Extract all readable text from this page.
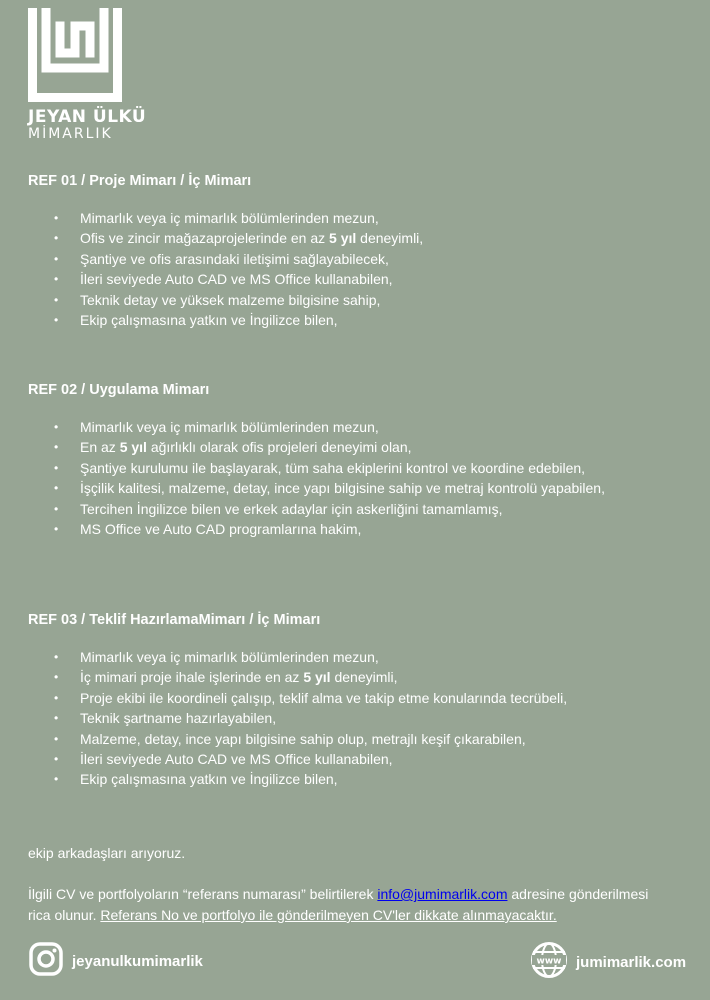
JEYAN ÜLKÜ
MİMARLIK
REF 01 / Proje Mimarı / İç Mimarı
• Mimarlık veya iç mimarlık bölümlerinden mezun,
• Ofis ve zincir mağazaprojelerinde en az 5 yıl deneyimli,
• Şantiye ve ofis arasındaki iletişimi sağlayabilecek,
• İleri seviyede Auto CAD ve MS Office kullanabilen,
• Teknik detay ve yüksek malzeme bilgisine sahip,
• Ekip çalışmasına yatkın ve İngilizce bilen,
REF 02 / Uygulama Mimarı
• Mimarlık veya iç mimarlık bölümlerinden mezun,
• En az 5 yıl ağırlıklı olarak ofis projeleri deneyimi olan,
• Şantiye kurulumu ile başlayarak, tüm saha ekiplerini kontrol ve koordine edebilen,
• İşçilik kalitesi, malzeme, detay, ince yapı bilgisine sahip ve metraj kontrolü yapabilen,
• Tercihen İngilizce bilen ve erkek adaylar için askerliğini tamamlamış,
• MS Office ve Auto CAD programlarına hakim,
REF 03 / Teklif HazırlamaMimarı / İç Mimarı
• Mimarlık veya iç mimarlık bölümlerinden mezun,
• İç mimari proje ihale işlerinde en az 5 yıl deneyimli,
• Proje ekibi ile koordineli çalışıp, teklif alma ve takip etme konularında tecrübeli,
• Teknik şartname hazırlayabilen,
• Malzeme, detay, ince yapı bilgisine sahip olup, metrajlı keşif çıkarabilen,
• İleri seviyede Auto CAD ve MS Office kullanabilen,
• Ekip çalışmasına yatkın ve İngilizce bilen,
ekip arkadaşları arıyoruz.
İlgili CV ve portfolyoların “referans numarası” belirtilerek info@jumimarlik.com adresine gönderilmesi
rica olunur. Referans No ve portfolyo ile gönderilmeyen CV'ler dikkate alınmayacaktır.
jeyanulkumimarlik	www jumimarlik.com
